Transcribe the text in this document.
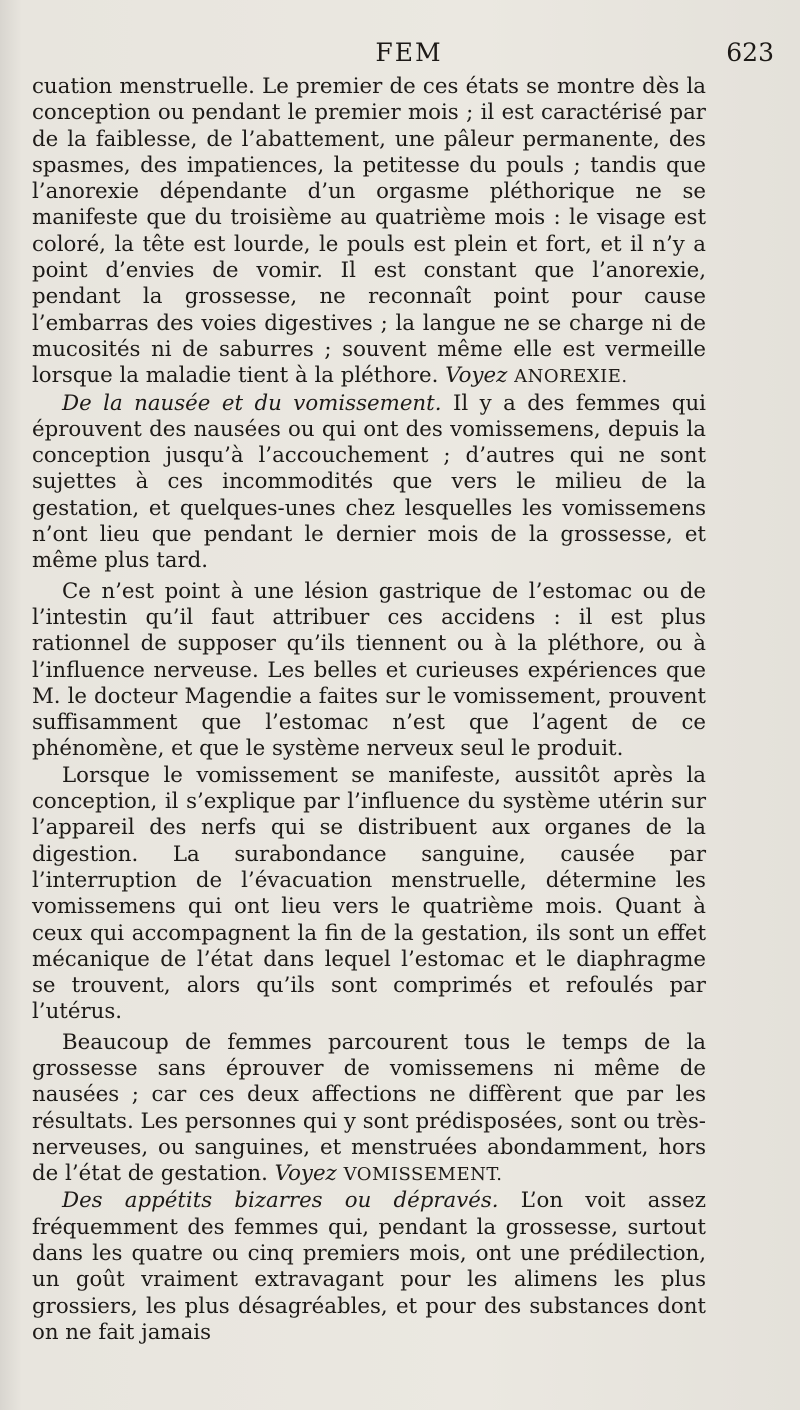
FEM	623

cuation menstruelle. Le premier de ces états se montre dès la conception ou pendant le premier mois ; il est caractérisé par de la faiblesse, de l’abattement, une pâleur permanente, des spasmes, des impatiences, la petitesse du pouls ; tandis que l’anorexie dépendante d’un orgasme pléthorique ne se manifeste que du troisième au quatrième mois : le visage est coloré, la tête est lourde, le pouls est plein et fort, et il n’y a point d’envies de vomir. Il est constant que l’anorexie, pendant la grossesse, ne reconnaît point pour cause l’embarras des voies digestives ; la langue ne se charge ni de mucosités ni de saburres ; souvent même elle est vermeille lorsque la maladie tient à la pléthore. Voyez ANOREXIE.

De la nausée et du vomissement. Il y a des femmes qui éprouvent des nausées ou qui ont des vomissemens, depuis la conception jusqu’à l’accouchement ; d’autres qui ne sont sujettes à ces incommodités que vers le milieu de la gestation, et quelques-unes chez lesquelles les vomissemens n’ont lieu que pendant le dernier mois de la grossesse, et même plus tard.

Ce n’est point à une lésion gastrique de l’estomac ou de l’intestin qu’il faut attribuer ces accidens : il est plus rationnel de supposer qu’ils tiennent ou à la pléthore, ou à l’influence nerveuse. Les belles et curieuses expériences que M. le docteur Magendie a faites sur le vomissement, prouvent suffisamment que l’estomac n’est que l’agent de ce phénomène, et que le système nerveux seul le produit.

Lorsque le vomissement se manifeste, aussitôt après la conception, il s’explique par l’influence du système utérin sur l’appareil des nerfs qui se distribuent aux organes de la digestion. La surabondance sanguine, causée par l’interruption de l’évacuation menstruelle, détermine les vomissemens qui ont lieu vers le quatrième mois. Quant à ceux qui accompagnent la fin de la gestation, ils sont un effet mécanique de l’état dans lequel l’estomac et le diaphragme se trouvent, alors qu’ils sont comprimés et refoulés par l’utérus.

Beaucoup de femmes parcourent tous le temps de la grossesse sans éprouver de vomissemens ni même de nausées ; car ces deux affections ne diffèrent que par les résultats. Les personnes qui y sont prédisposées, sont ou très-nerveuses, ou sanguines, et menstruées abondamment, hors de l’état de gestation. Voyez VOMISSEMENT.

Des appétits bizarres ou dépravés. L’on voit assez fréquemment des femmes qui, pendant la grossesse, surtout dans les quatre ou cinq premiers mois, ont une prédilection, un goût vraiment extravagant pour les alimens les plus grossiers, les plus désagréables, et pour des substances dont on ne fait jamais
